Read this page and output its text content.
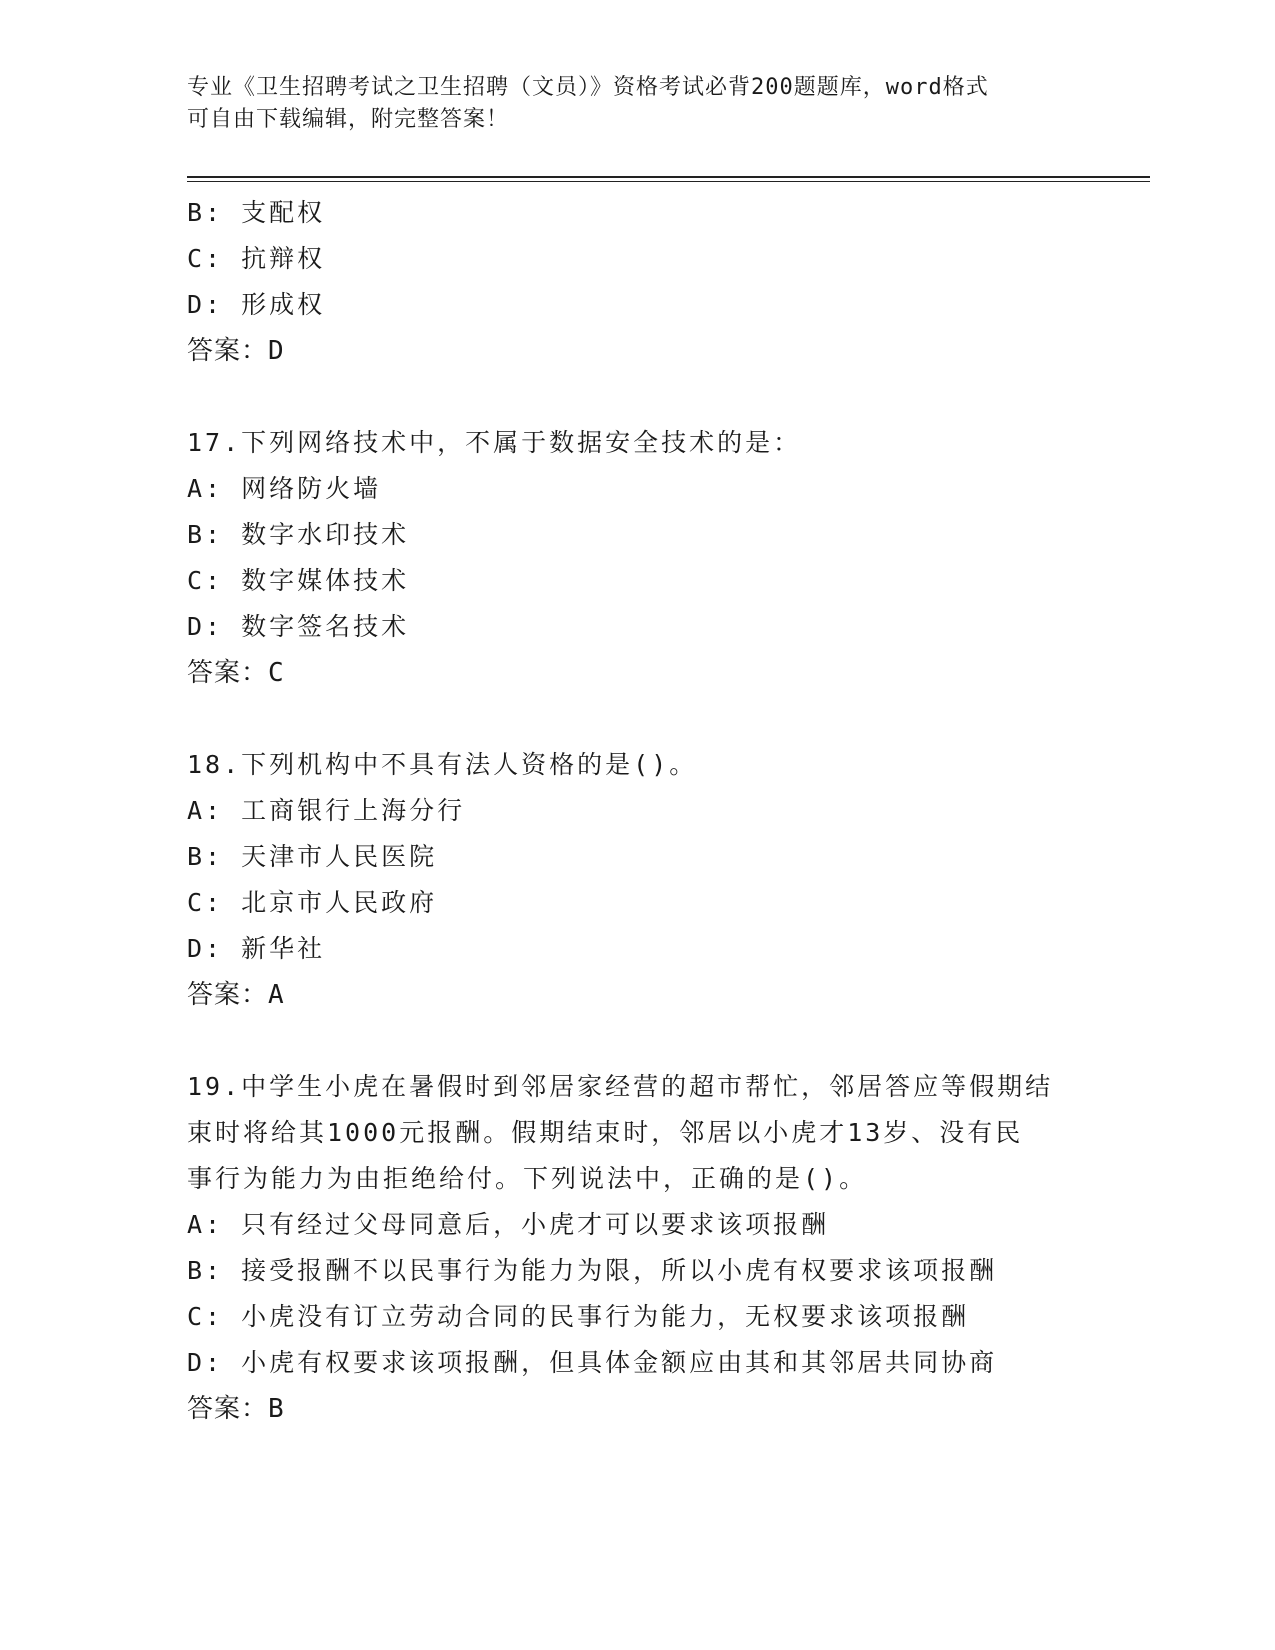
专业《卫生招聘考试之卫生招聘（文员）》资格考试必背200题题库，word格式
可自由下载编辑，附完整答案！
B: 支配权
C: 抗辩权
D: 形成权
答案：D
17.下列网络技术中，不属于数据安全技术的是：
A: 网络防火墙
B: 数字水印技术
C: 数字媒体技术
D: 数字签名技术
答案：C
18.下列机构中不具有法人资格的是()。
A: 工商银行上海分行
B: 天津市人民医院
C: 北京市人民政府
D: 新华社
答案：A
19.中学生小虎在暑假时到邻居家经营的超市帮忙，邻居答应等假期结
束时将给其1000元报酬。假期结束时，邻居以小虎才13岁、没有民
事行为能力为由拒绝给付。下列说法中，正确的是()。
A: 只有经过父母同意后，小虎才可以要求该项报酬
B: 接受报酬不以民事行为能力为限，所以小虎有权要求该项报酬
C: 小虎没有订立劳动合同的民事行为能力，无权要求该项报酬
D: 小虎有权要求该项报酬，但具体金额应由其和其邻居共同协商
答案：B
